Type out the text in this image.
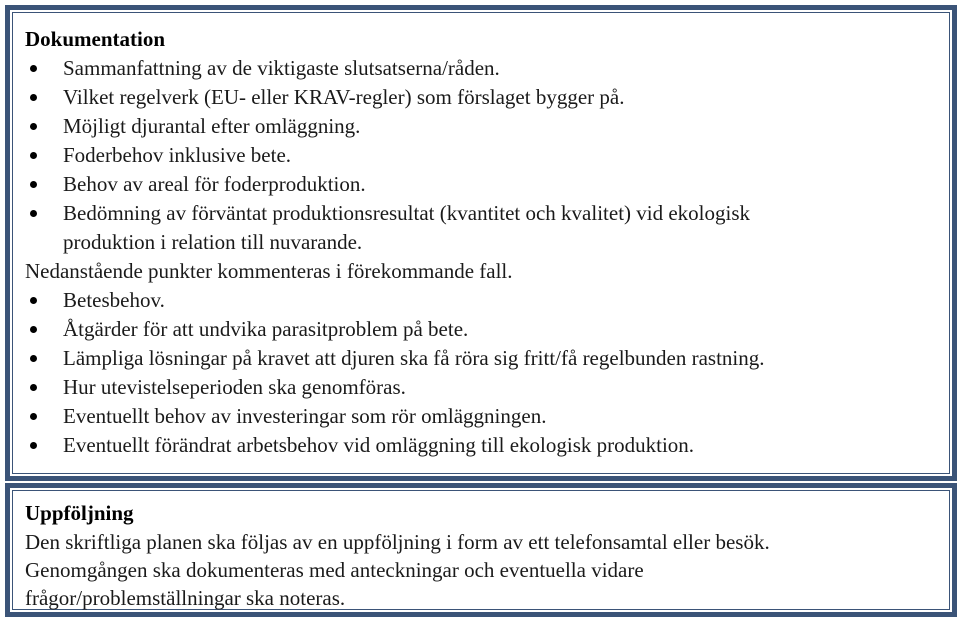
Dokumentation

Sammanfattning av de viktigaste slutsatserna/råden.
Vilket regelverk (EU- eller KRAV-regler) som förslaget bygger på.
Möjligt djurantal efter omläggning.
Foderbehov inklusive bete.
Behov av areal för foderproduktion.
Bedömning av förväntat produktionsresultat (kvantitet och kvalitet) vid ekologisk
produktion i relation till nuvarande.

Nedanstående punkter kommenteras i förekommande fall.

Betesbehov.
Åtgärder för att undvika parasitproblem på bete.
Lämpliga lösningar på kravet att djuren ska få röra sig fritt/få regelbunden rastning.
Hur utevistelseperioden ska genomföras.
Eventuellt behov av investeringar som rör omläggningen.
Eventuellt förändrat arbetsbehov vid omläggning till ekologisk produktion.

Uppföljning

Den skriftliga planen ska följas av en uppföljning i form av ett telefonsamtal eller besök.

Genomgången ska dokumenteras med anteckningar och eventuella vidare

frågor/problemställningar ska noteras.
